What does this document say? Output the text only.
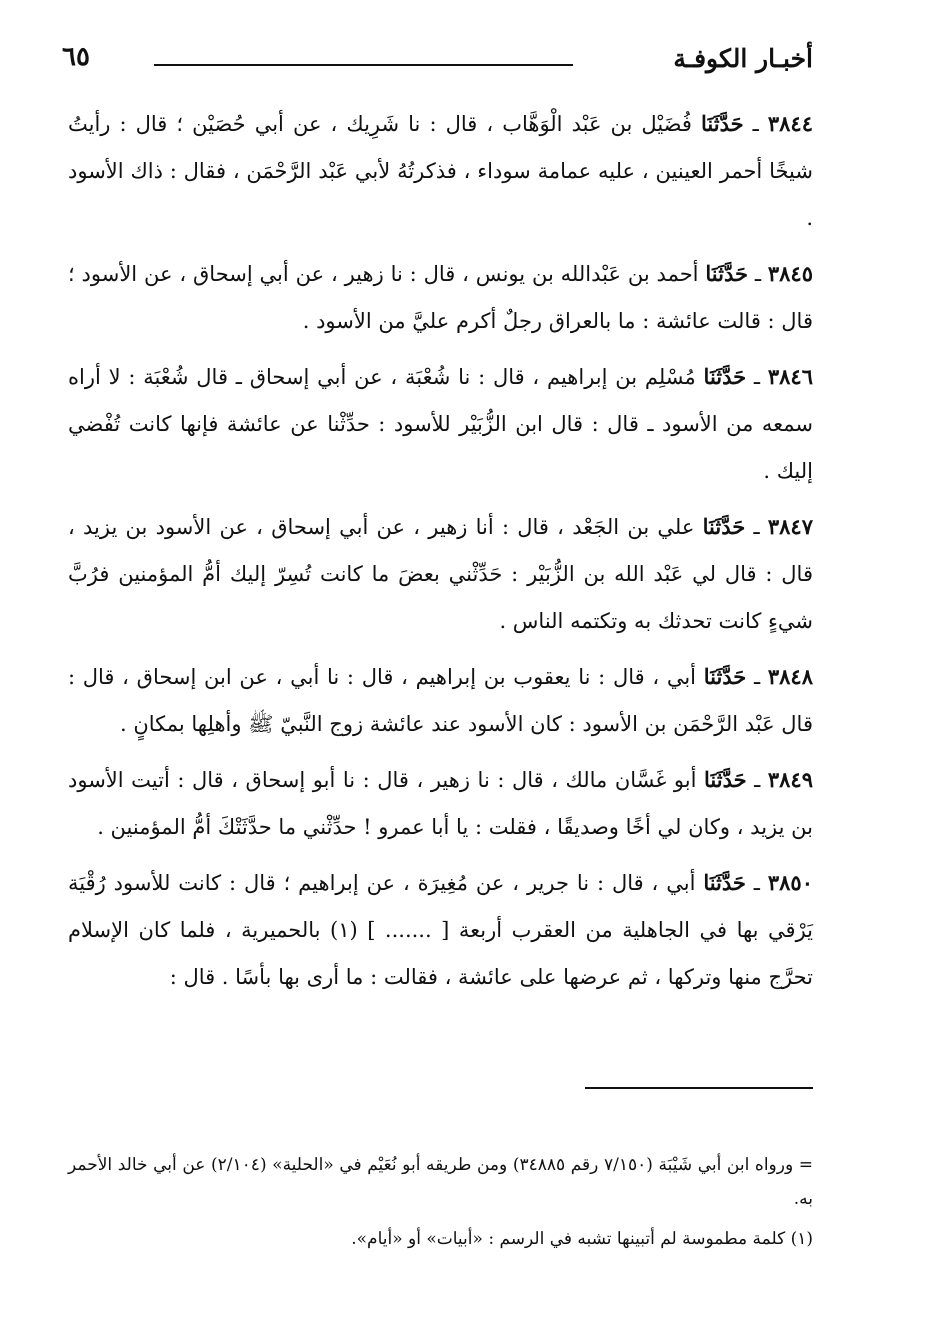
أخبـار الكوفـة
٦٥

٣٨٤٤ ـ حَدَّثَنَا فُضَيْل بن عَبْد الْوَهَّاب ، قال : نا شَرِيك ، عن أبي حُصَيْن ؛ قال : رأيتُ شيخًا أحمر العينين ، عليه عمامة سوداء ، فذكرتُهُ لأبي عَبْد الرَّحْمَن ، فقال : ذاك الأسود .

٣٨٤٥ ـ حَدَّثَنَا أحمد بن عَبْدالله بن يونس ، قال : نا زهير ، عن أبي إسحاق ، عن الأسود ؛ قال : قالت عائشة : ما بالعراق رجلٌ أكرم عليَّ من الأسود .

٣٨٤٦ ـ حَدَّثَنَا مُسْلِم بن إبراهيم ، قال : نا شُعْبَة ، عن أبي إسحاق ـ قال شُعْبَة : لا أراه سمعه من الأسود ـ قال : قال ابن الزُّبَيْر للأسود : حدِّثْنا عن عائشة فإنها كانت تُفْضي إليك .

٣٨٤٧ ـ حَدَّثَنَا علي بن الجَعْد ، قال : أنا زهير ، عن أبي إسحاق ، عن الأسود بن يزيد ، قال : قال لي عَبْد الله بن الزُّبَيْر : حَدِّثْني بعضَ ما كانت تُسِرّ إليك أمُّ المؤمنين فرُبَّ شيءٍ كانت تحدثك به وتكتمه الناس .

٣٨٤٨ ـ حَدَّثَنَا أبي ، قال : نا يعقوب بن إبراهيم ، قال : نا أبي ، عن ابن إسحاق ، قال : قال عَبْد الرَّحْمَن بن الأسود : كان الأسود عند عائشة زوج النَّبيّ ﷺ وأهلِها بمكانٍ .

٣٨٤٩ ـ حَدَّثَنَا أبو غَسَّان مالك ، قال : نا زهير ، قال : نا أبو إسحاق ، قال : أتيت الأسود بن يزيد ، وكان لي أخًا وصديقًا ، فقلت : يا أبا عمرو ! حدِّثْني ما حدَّثَتْكَ أمُّ المؤمنين .

٣٨٥٠ ـ حَدَّثَنَا أبي ، قال : نا جرير ، عن مُغِيرَة ، عن إبراهيم ؛ قال : كانت للأسود رُقْيَة يَرْقي بها في الجاهلية من العقرب أربعة [ ....... ] (١) بالحميرية ، فلما كان الإسلام تحرَّج منها وتركها ، ثم عرضها على عائشة ، فقالت : ما أرى بها بأسًا . قال :

= ورواه ابن أبي شَيْبَة (٧/١٥٠ رقم ٣٤٨٨٥) ومن طريقه أبو نُعَيْم في «الحلية» (٢/١٠٤) عن أبي خالد الأحمر به.

(١) كلمة مطموسة لم أتبينها تشبه في الرسم : «أبيات» أو «أيام».
